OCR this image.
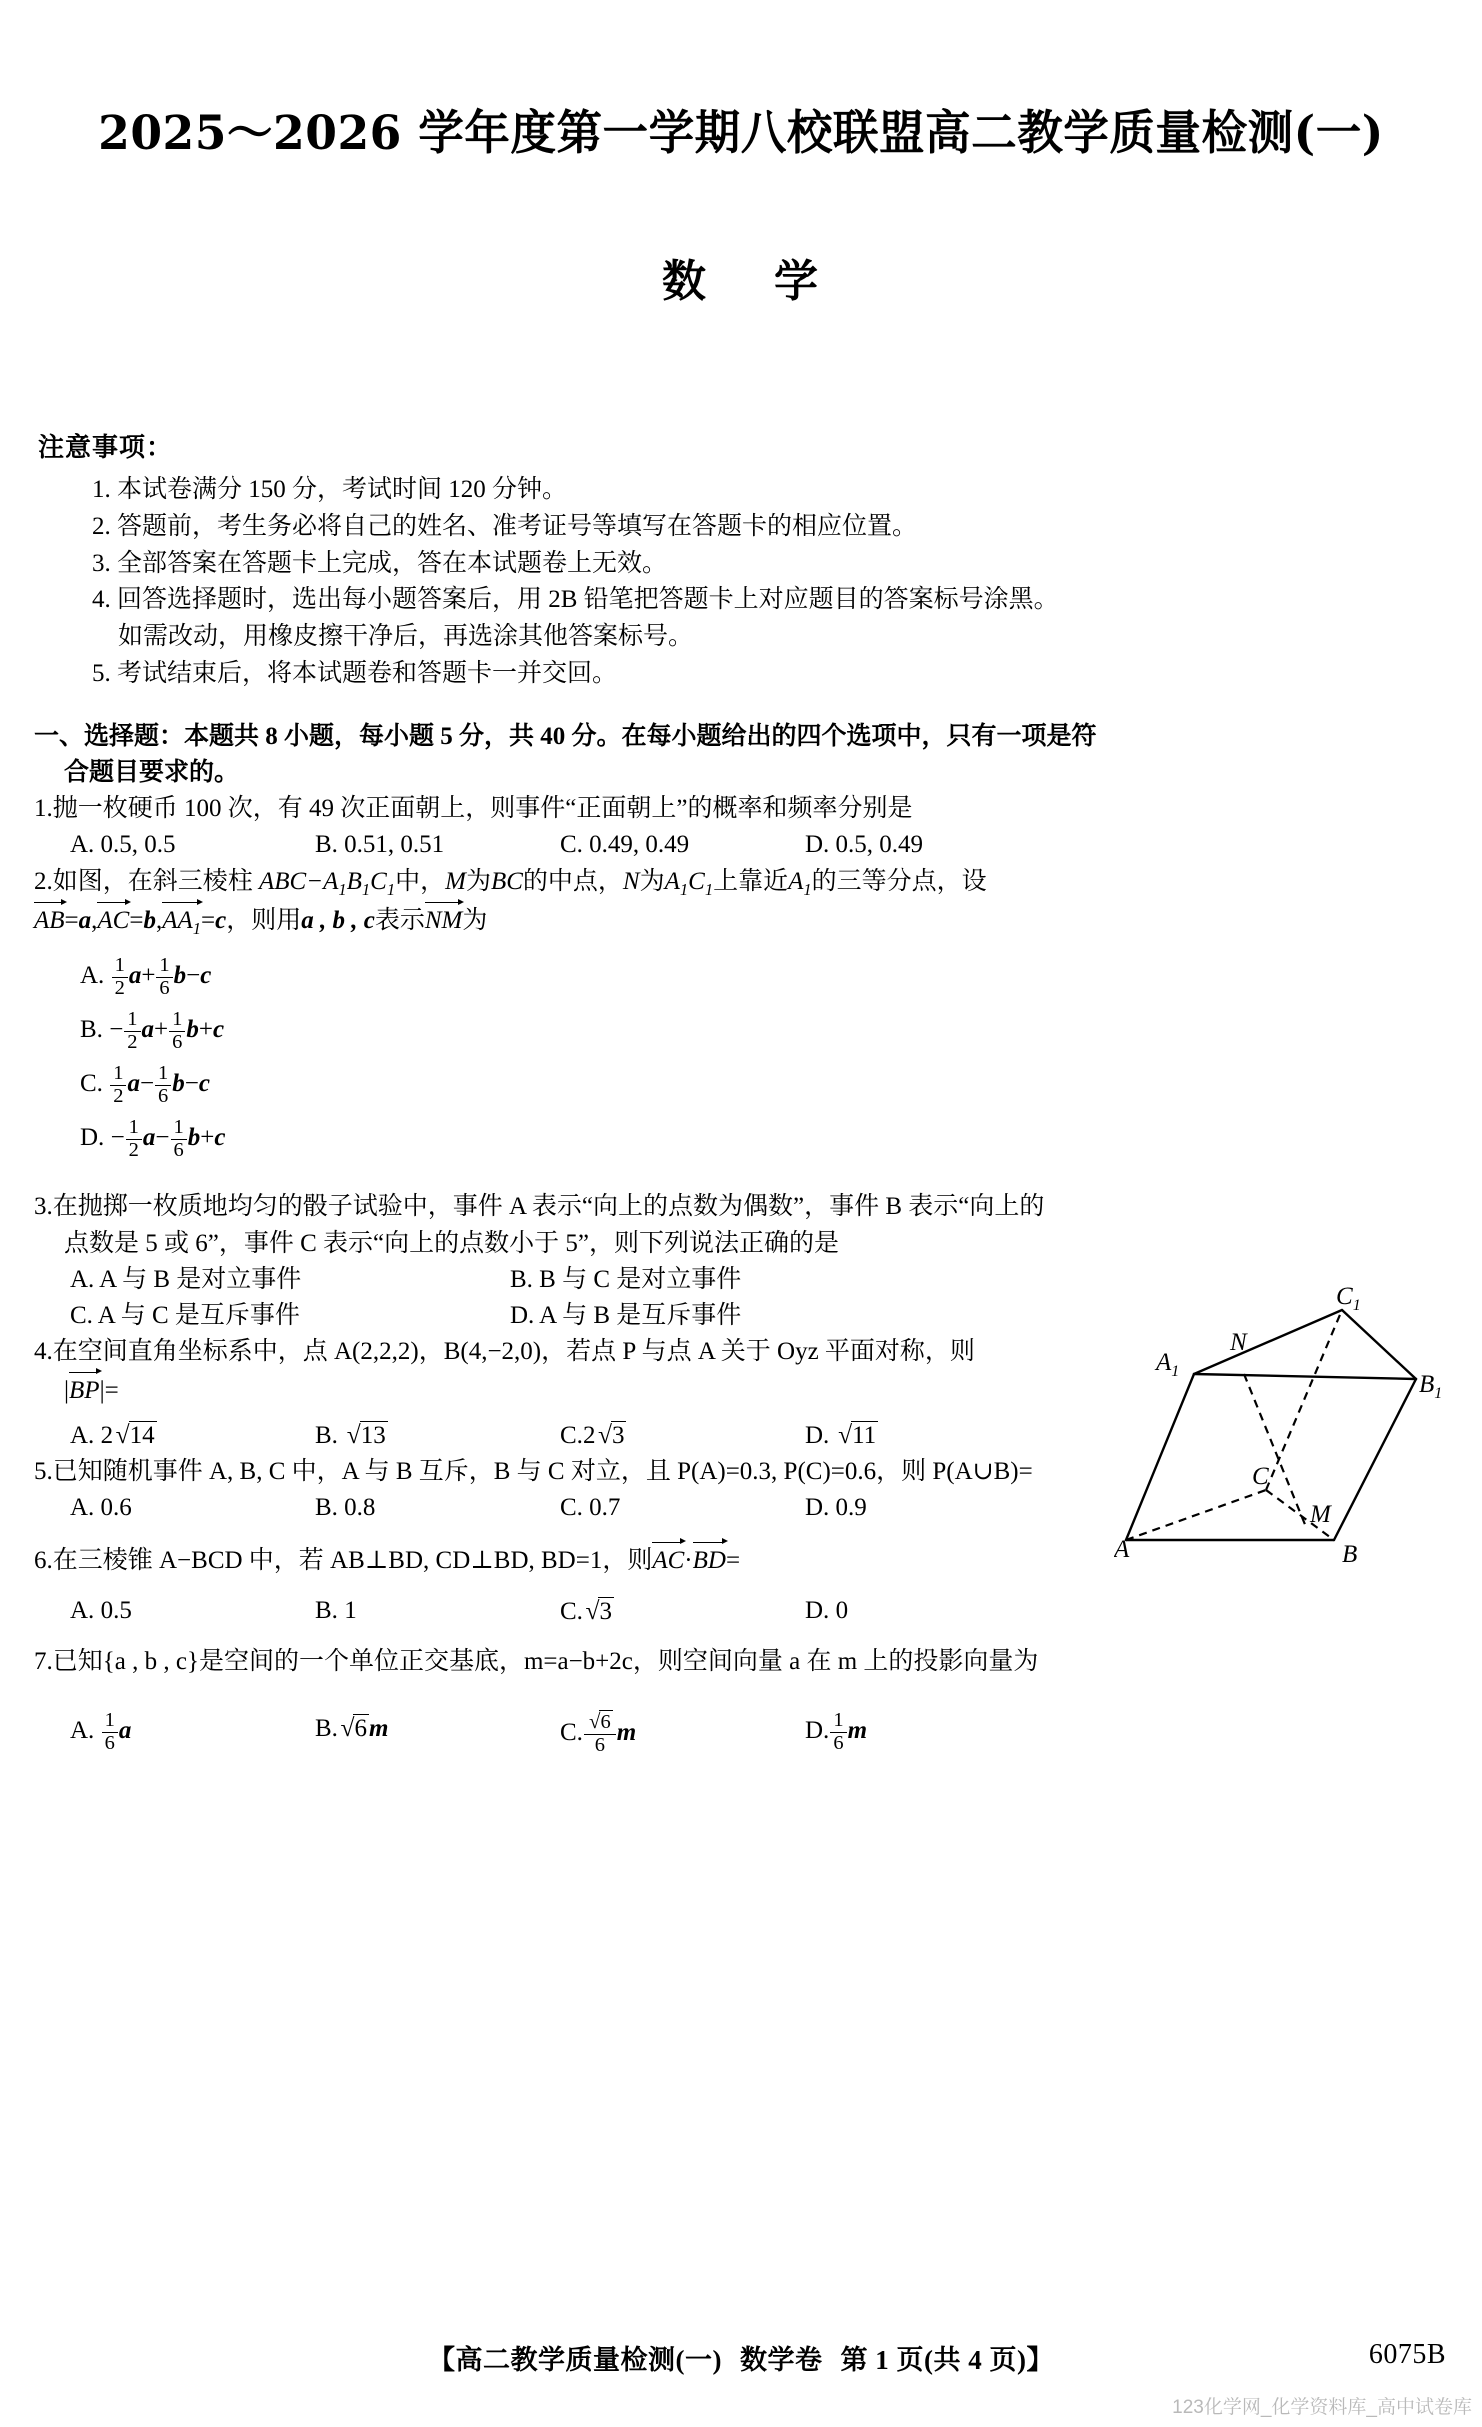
2025～2026 学年度第一学期八校联盟高二教学质量检测(一)
数 学
注意事项：
1. 本试卷满分 150 分，考试时间 120 分钟。
2. 答题前，考生务必将自己的姓名、准考证号等填写在答题卡的相应位置。
3. 全部答案在答题卡上完成，答在本试题卷上无效。
4. 回答选择题时，选出每小题答案后，用 2B 铅笔把答题卡上对应题目的答案标号涂黑。
如需改动，用橡皮擦干净后，再选涂其他答案标号。
5. 考试结束后，将本试题卷和答题卡一并交回。
一、选择题：本题共 8 小题，每小题 5 分，共 40 分。在每小题给出的四个选项中，只有一项是符
合题目要求的。
1.抛一枚硬币 100 次，有 49 次正面朝上，则事件“正面朝上”的概率和频率分别是
A. 0.5, 0.5	B. 0.51, 0.51	C. 0.49, 0.49	D. 0.5, 0.49
2.如图，在斜三棱柱 $ABC-A_1B_1C_1$中，M为BC的中点，N为$A_1C_1$上靠近$A_1$的三等分点，设
AB=a,
AC=b,
$AA_1=c$，则用a , b , c表示
NM为
A. $\frac{1}{2} a+ \frac{1}{6} b-c$
B. − $\frac{1}{2} a+ \frac{1}{6} b+c$
C. $\frac{1}{2} a- \frac{1}{6} b-c$
D. − $\frac{1}{2} a- \frac{1}{6} b+c$
A	B
C
M
N
$A_1$	$B_1$
$C_1$
3.在抛掷一枚质地均匀的骰子试验中，事件 A 表示“向上的点数为偶数”，事件 B 表示“向上的
点数是 5 或 6”，事件 C 表示“向上的点数小于 5”，则下列说法正确的是
A. A 与 B 是对立事件	B. B 与 C 是对立事件
C. A 与 C 是互斥事件	D. A 与 B 是互斥事件
4.在空间直角坐标系中，点 A(2,2,2)，B(4,−2,0)，若点 P 与点 A 关于 Oyz 平面对称，则
|
BP|=
A. 2√14	B. √13	C.2√3	D. √11
5.已知随机事件 A, B, C 中，A 与 B 互斥，B 与 C 对立，且 P(A)=0.3, P(C)=0.6，则 P(A∪B)=
A. 0.6	B. 0.8	C. 0.7	D. 0.9
6.在三棱锥 A−BCD 中，若 AB⊥BD, CD⊥BD, BD=1，则
AC·
BD=
A. 0.5	B. 1	C.√3	D. 0
7.已知{a , b , c}是空间的一个单位正交基底，m=a−b+2c，则空间向量 a 在 m 上的投影向量为
A. $\frac{1}{6}$ a	B.√6m	C. $\frac{√6}{6}$ m	D. $\frac{1}{6}$ m
【高二教学质量检测(一) 数学卷 第 1 页(共 4 页)】	6075B
123化学网_化学资料库_高中试卷库
